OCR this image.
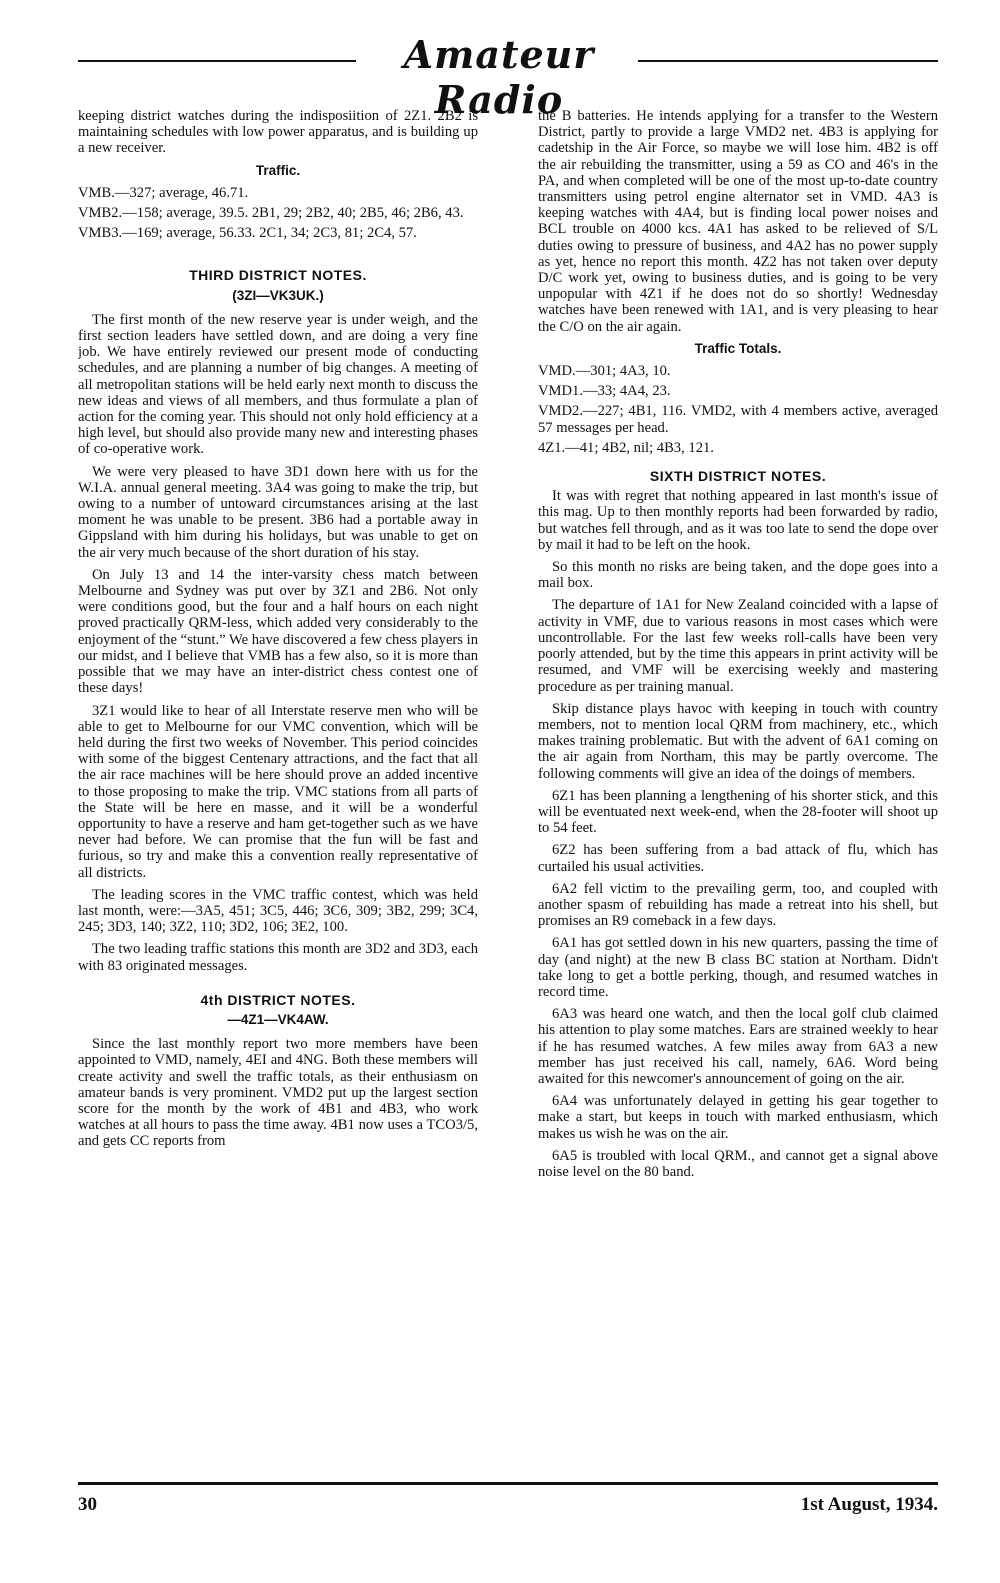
Amateur Radio

keeping district watches during the indisposiition of 2Z1. 2B2 is maintaining schedules with low power apparatus, and is building up a new receiver.

Traffic.

VMB.—327; average, 46.71.

VMB2.—158; average, 39.5. 2B1, 29; 2B2, 40; 2B5, 46; 2B6, 43.

VMB3.—169; average, 56.33. 2C1, 34; 2C3, 81; 2C4, 57.

THIRD DISTRICT NOTES.
(3ZI—VK3UK.)

The first month of the new reserve year is under weigh, and the first section leaders have settled down, and are doing a very fine job. We have entirely reviewed our present mode of conducting schedules, and are planning a number of big changes. A meeting of all metropolitan stations will be held early next month to discuss the new ideas and views of all members, and thus formulate a plan of action for the coming year. This should not only hold efficiency at a high level, but should also provide many new and interesting phases of co-operative work.

We were very pleased to have 3D1 down here with us for the W.I.A. annual general meeting. 3A4 was going to make the trip, but owing to a number of untoward circumstances arising at the last moment he was unable to be present. 3B6 had a portable away in Gippsland with him during his holidays, but was unable to get on the air very much because of the short duration of his stay.

On July 13 and 14 the inter-varsity chess match between Melbourne and Sydney was put over by 3Z1 and 2B6. Not only were conditions good, but the four and a half hours on each night proved practically QRM-less, which added very considerably to the enjoyment of the “stunt.” We have discovered a few chess players in our midst, and I believe that VMB has a few also, so it is more than possible that we may have an inter-district chess contest one of these days!

3Z1 would like to hear of all Interstate reserve men who will be able to get to Melbourne for our VMC convention, which will be held during the first two weeks of November. This period coincides with some of the biggest Centenary attractions, and the fact that all the air race machines will be here should prove an added incentive to those proposing to make the trip. VMC stations from all parts of the State will be here en masse, and it will be a wonderful opportunity to have a reserve and ham get-together such as we have never had before. We can promise that the fun will be fast and furious, so try and make this a convention really representative of all districts.

The leading scores in the VMC traffic contest, which was held last month, were:—3A5, 451; 3C5, 446; 3C6, 309; 3B2, 299; 3C4, 245; 3D3, 140; 3Z2, 110; 3D2, 106; 3E2, 100.

The two leading traffic stations this month are 3D2 and 3D3, each with 83 originated messages.

4th DISTRICT NOTES.
—4Z1—VK4AW.

Since the last monthly report two more members have been appointed to VMD, namely, 4EI and 4NG. Both these members will create activity and swell the traffic totals, as their enthusiasm on amateur bands is very prominent. VMD2 put up the largest section score for the month by the work of 4B1 and 4B3, who work watches at all hours to pass the time away. 4B1 now uses a TCO3/5, and gets CC reports from

the B batteries. He intends applying for a transfer to the Western District, partly to provide a large VMD2 net. 4B3 is applying for cadetship in the Air Force, so maybe we will lose him. 4B2 is off the air rebuilding the transmitter, using a 59 as CO and 46's in the PA, and when completed will be one of the most up-to-date country transmitters using petrol engine alternator set in VMD. 4A3 is keeping watches with 4A4, but is finding local power noises and BCL trouble on 4000 kcs. 4A1 has asked to be relieved of S/L duties owing to pressure of business, and 4A2 has no power supply as yet, hence no report this month. 4Z2 has not taken over deputy D/C work yet, owing to business duties, and is going to be very unpopular with 4Z1 if he does not do so shortly! Wednesday watches have been renewed with 1A1, and is very pleasing to hear the C/O on the air again.

Traffic Totals.

VMD.—301; 4A3, 10.

VMD1.—33; 4A4, 23.

VMD2.—227; 4B1, 116. VMD2, with 4 members active, averaged 57 messages per head.

4Z1.—41; 4B2, nil; 4B3, 121.

SIXTH DISTRICT NOTES.

It was with regret that nothing appeared in last month's issue of this mag. Up to then monthly reports had been forwarded by radio, but watches fell through, and as it was too late to send the dope over by mail it had to be left on the hook.

So this month no risks are being taken, and the dope goes into a mail box.

The departure of 1A1 for New Zealand coincided with a lapse of activity in VMF, due to various reasons in most cases which were uncontrollable. For the last few weeks roll-calls have been very poorly attended, but by the time this appears in print activity will be resumed, and VMF will be exercising weekly and mastering procedure as per training manual.

Skip distance plays havoc with keeping in touch with country members, not to mention local QRM from machinery, etc., which makes training problematic. But with the advent of 6A1 coming on the air again from Northam, this may be partly overcome. The following comments will give an idea of the doings of members.

6Z1 has been planning a lengthening of his shorter stick, and this will be eventuated next week-end, when the 28-footer will shoot up to 54 feet.

6Z2 has been suffering from a bad attack of flu, which has curtailed his usual activities.

6A2 fell victim to the prevailing germ, too, and coupled with another spasm of rebuilding has made a retreat into his shell, but promises an R9 comeback in a few days.

6A1 has got settled down in his new quarters, passing the time of day (and night) at the new B class BC station at Northam. Didn't take long to get a bottle perking, though, and resumed watches in record time.

6A3 was heard one watch, and then the local golf club claimed his attention to play some matches. Ears are strained weekly to hear if he has resumed watches. A few miles away from 6A3 a new member has just received his call, namely, 6A6. Word being awaited for this newcomer's announcement of going on the air.

6A4 was unfortunately delayed in getting his gear together to make a start, but keeps in touch with marked enthusiasm, which makes us wish he was on the air.

6A5 is troubled with local QRM., and cannot get a signal above noise level on the 80 band.

30	1st August, 1934.
